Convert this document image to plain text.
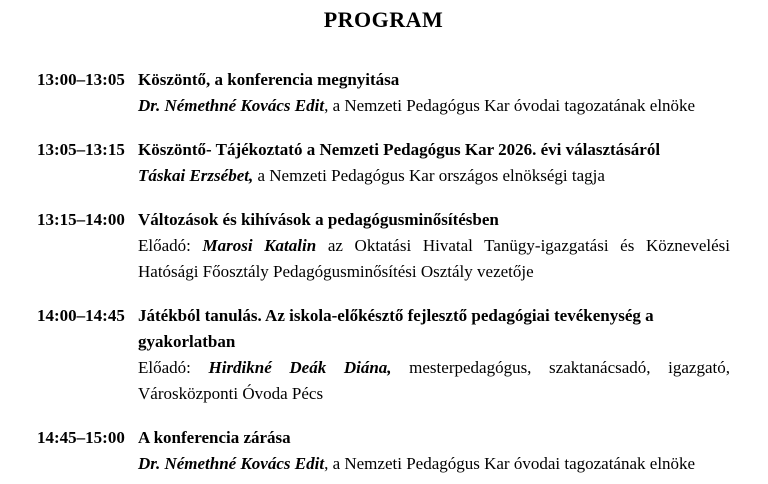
PROGRAM
13:00–13:05 Köszöntő, a konferencia megnyitása
Dr. Némethné Kovács Edit, a Nemzeti Pedagógus Kar óvodai tagozatának elnöke
13:05–13:15 Köszöntő- Tájékoztató a Nemzeti Pedagógus Kar 2026. évi választásáról
Táskai Erzsébet, a Nemzeti Pedagógus Kar országos elnökségi tagja
13:15–14:00 Változások és kihívások a pedagógusminősítésben
Előadó: Marosi Katalin az Oktatási Hivatal Tanügy-igazgatási és Köznevelési Hatósági Főosztály Pedagógusminősítési Osztály vezetője
14:00–14:45 Játékból tanulás. Az iskola-előkésztő fejlesztő pedagógiai tevékenység a gyakorlatban
Előadó: Hirdikné Deák Diána, mesterpedagógus, szaktanácsadó, igazgató, Városközponti Óvoda Pécs
14:45–15:00 A konferencia zárása
Dr. Némethné Kovács Edit, a Nemzeti Pedagógus Kar óvodai tagozatának elnöke
